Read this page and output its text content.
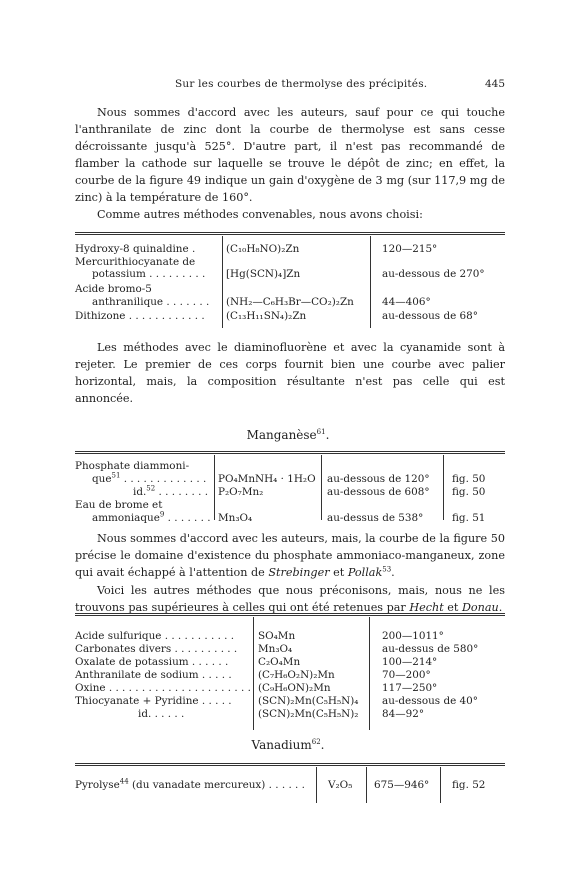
Sur les courbes de thermolyse des précipités.	445

Nous sommes d'accord avec les auteurs, sauf pour ce qui touche l'anthranilate de zinc dont la courbe de thermolyse est sans cesse décroissante jusqu'à 525°. D'autre part, il n'est pas recommandé de flamber la cathode sur laquelle se trouve le dépôt de zinc; en effet, la courbe de la figure 49 indique un gain d'oxygène de 3 mg (sur 117,9 mg de zinc) à la température de 160°.

Comme autres méthodes convenables, nous avons choisi:

Hydroxy-8 quinaldine .	(C₁₀H₈NO)₂Zn	120—215°
Mercurithiocyanate de
potassium . . . . . . . . . [Hg(SCN)₄]Zn	au-dessous de 270°
Acide bromo-5
anthranilique . . . . . . . (NH₂—C₆H₃Br—CO₂)₂Zn	44—406°
Dithizone . . . . . . . . . . . . (C₁₃H₁₁SN₄)₂Zn	au-dessous de 68°

Les méthodes avec le diaminofluorène et avec la cyanamide sont à rejeter. Le premier de ces corps fournit bien une courbe avec palier horizontal, mais, la composition résultante n'est pas celle qui est annoncée.

Manganèse$^{61}$.
Phosphate diammoni-
que$^{51}$ . . . . . . . . . . . . . PO₄MnNH₄ · 1H₂O au-dessous de 120° fig. 50
id.$^{52}$ . . . . . . . . P₂O₇Mn₂	au-dessous de 608° fig. 50
Eau de brome et
ammoniaque$^9$ . . . . . . . Mn₃O₄	au-dessus de 538°	fig. 51

Nous sommes d'accord avec les auteurs, mais, la courbe de la figure 50 précise le domaine d'existence du phosphate ammoniaco-manganeux, zone qui avait échappé à l'attention de Strebinger et Pollak$^{53}$.

Voici les autres méthodes que nous préconisons, mais, nous ne les trouvons pas supérieures à celles qui ont été retenues par Hecht et Donau.

Acide sulfurique . . . . . . . . . . . SO₄Mn	200—1011°
Carbonates divers . . . . . . . . . . Mn₃O₄	au-dessus de 580°
Oxalate de potassium . . . . . .	C₂O₄Mn	100—214°
Anthranilate de sodium . . . . .	(C₇H₆O₂N)₂Mn	70—200°
Oxine . . . . . . . . . . . . . . . . . . . . . . (C₉H₆ON)₂Mn	117—250°
Thiocyanate + Pyridine . . . . .	(SCN)₂Mn(C₅H₅N)₄ au-dessous de 40°
id. . . . . .	(SCN)₂Mn(C₅H₅N)₂ 84—92°
Vanadium$^{62}$.
Pyrolyse$^{44}$ (du vanadate mercureux) . . . . . . V₂O₅ 675—946° fig. 52
